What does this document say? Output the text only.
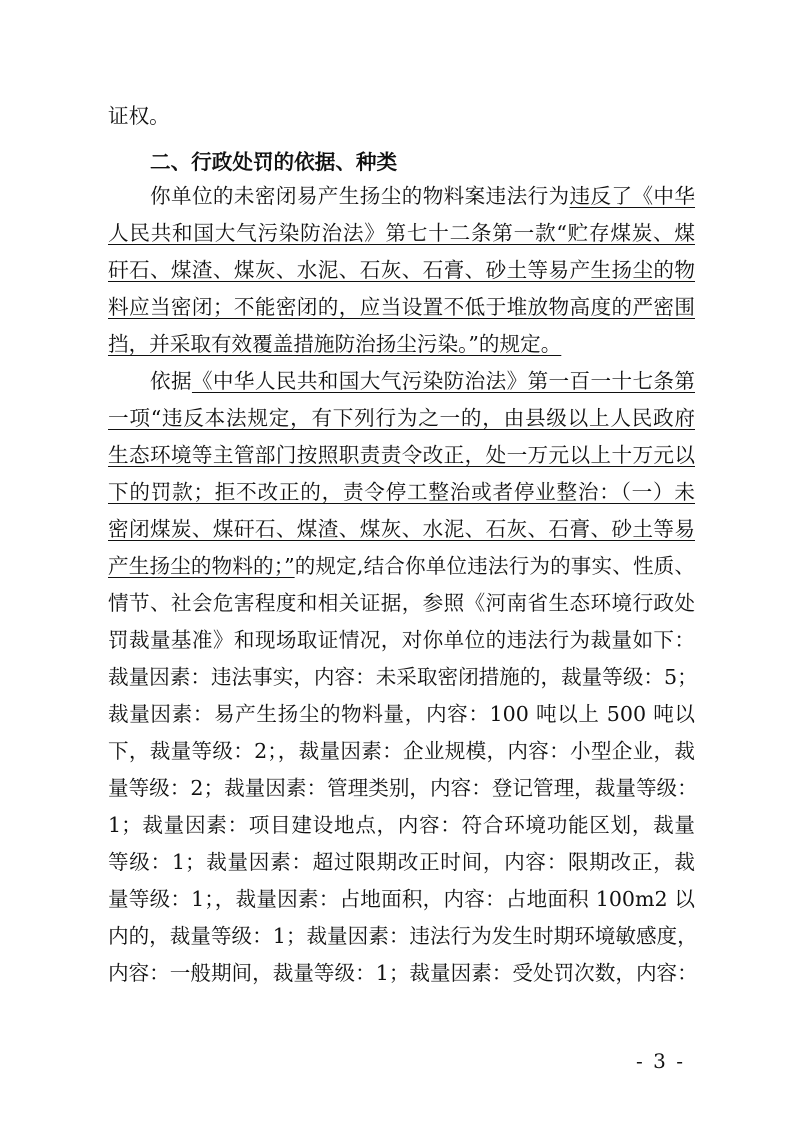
证权。
二、行政处罚的依据、种类
你单位的未密闭易产生扬尘的物料案违法行为违反了《中华
人民共和国大气污染防治法》第七十二条第一款“贮存煤炭、煤
矸石、煤渣、煤灰、水泥、石灰、石膏、砂土等易产生扬尘的物
料应当密闭；不能密闭的，应当设置不低于堆放物高度的严密围
挡，并采取有效覆盖措施防治扬尘污染。”的规定。
依据《中华人民共和国大气污染防治法》第一百一十七条第
一项“违反本法规定，有下列行为之一的，由县级以上人民政府
生态环境等主管部门按照职责责令改正，处一万元以上十万元以
下的罚款；拒不改正的，责令停工整治或者停业整治：（一）未
密闭煤炭、煤矸石、煤渣、煤灰、水泥、石灰、石膏、砂土等易
产生扬尘的物料的；”的规定,结合你单位违法行为的事实、性质、
情节、社会危害程度和相关证据，参照《河南省生态环境行政处
罚裁量基准》和现场取证情况，对你单位的违法行为裁量如下：
裁量因素：违法事实，内容：未采取密闭措施的，裁量等级：5；
裁量因素：易产生扬尘的物料量，内容：100 吨以上 500 吨以
下，裁量等级：2；，裁量因素：企业规模，内容：小型企业，裁
量等级：2；裁量因素：管理类别，内容：登记管理，裁量等级：
1；裁量因素：项目建设地点，内容：符合环境功能区划，裁量
等级：1；裁量因素：超过限期改正时间，内容：限期改正，裁
量等级：1；，裁量因素：占地面积，内容：占地面积 100m2 以
内的，裁量等级：1；裁量因素：违法行为发生时期环境敏感度，
内容：一般期间，裁量等级：1；裁量因素：受处罚次数，内容：
- 3 -
